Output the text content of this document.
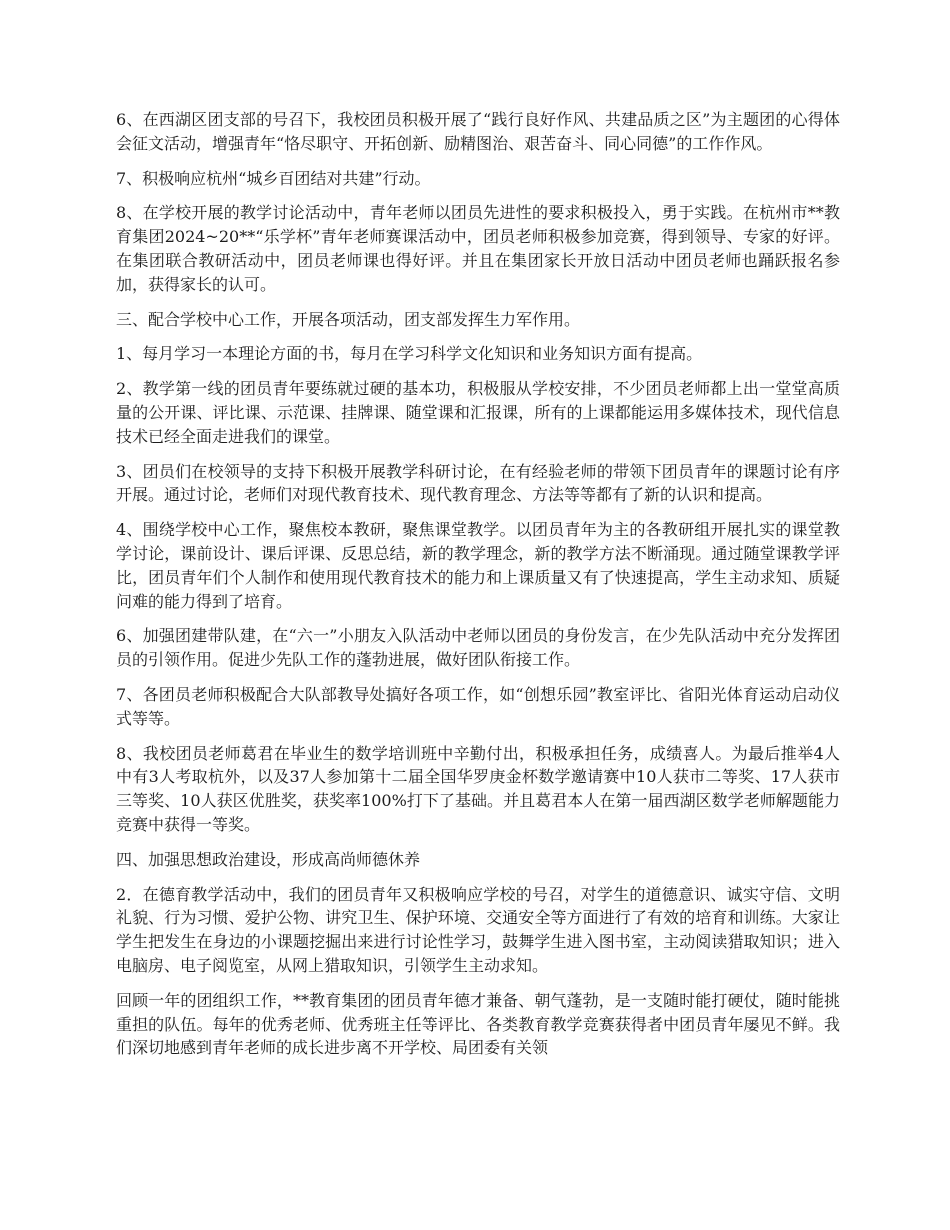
6、在西湖区团支部的号召下，我校团员积极开展了“践行良好作风、共建品质之区”为主题团的心得体会征文活动，增强青年“恪尽职守、开拓创新、励精图治、艰苦奋斗、同心同德”的工作作风。

7、积极响应杭州“城乡百团结对共建”行动。

8、在学校开展的教学讨论活动中，青年老师以团员先进性的要求积极投入，勇于实践。在杭州市**教育集团2024~20**“乐学杯”青年老师赛课活动中，团员老师积极参加竞赛，得到领导、专家的好评。在集团联合教研活动中，团员老师课也得好评。并且在集团家长开放日活动中团员老师也踊跃报名参加，获得家长的认可。

三、配合学校中心工作，开展各项活动，团支部发挥生力军作用。

1、每月学习一本理论方面的书，每月在学习科学文化知识和业务知识方面有提高。

2、教学第一线的团员青年要练就过硬的基本功，积极服从学校安排，不少团员老师都上出一堂堂高质量的公开课、评比课、示范课、挂牌课、随堂课和汇报课，所有的上课都能运用多媒体技术，现代信息技术已经全面走进我们的课堂。

3、团员们在校领导的支持下积极开展教学科研讨论，在有经验老师的带领下团员青年的课题讨论有序开展。通过讨论，老师们对现代教育技术、现代教育理念、方法等等都有了新的认识和提高。

4、围绕学校中心工作，聚焦校本教研，聚焦课堂教学。以团员青年为主的各教研组开展扎实的课堂教学讨论，课前设计、课后评课、反思总结，新的教学理念，新的教学方法不断涌现。通过随堂课教学评比，团员青年们个人制作和使用现代教育技术的能力和上课质量又有了快速提高，学生主动求知、质疑问难的能力得到了培育。

6、加强团建带队建，在“六一”小朋友入队活动中老师以团员的身份发言，在少先队活动中充分发挥团员的引领作用。促进少先队工作的蓬勃进展，做好团队衔接工作。

7、各团员老师积极配合大队部教导处搞好各项工作，如“创想乐园”教室评比、省阳光体育运动启动仪式等等。

8、我校团员老师葛君在毕业生的数学培训班中辛勤付出，积极承担任务，成绩喜人。为最后推举4人中有3人考取杭外，以及37人参加第十二届全国华罗庚金杯数学邀请赛中10人获市二等奖、17人获市三等奖、10人获区优胜奖，获奖率100%打下了基础。并且葛君本人在第一届西湖区数学老师解题能力竞赛中获得一等奖。

四、加强思想政治建设，形成高尚师德休养

2．在德育教学活动中，我们的团员青年又积极响应学校的号召，对学生的道德意识、诚实守信、文明礼貌、行为习惯、爱护公物、讲究卫生、保护环境、交通安全等方面进行了有效的培育和训练。大家让学生把发生在身边的小课题挖掘出来进行讨论性学习，鼓舞学生进入图书室，主动阅读猎取知识；进入电脑房、电子阅览室，从网上猎取知识，引领学生主动求知。

回顾一年的团组织工作，**教育集团的团员青年德才兼备、朝气蓬勃，是一支随时能打硬仗，随时能挑重担的队伍。每年的优秀老师、优秀班主任等评比、各类教育教学竞赛获得者中团员青年屡见不鲜。我们深切地感到青年老师的成长进步离不开学校、局团委有关领
